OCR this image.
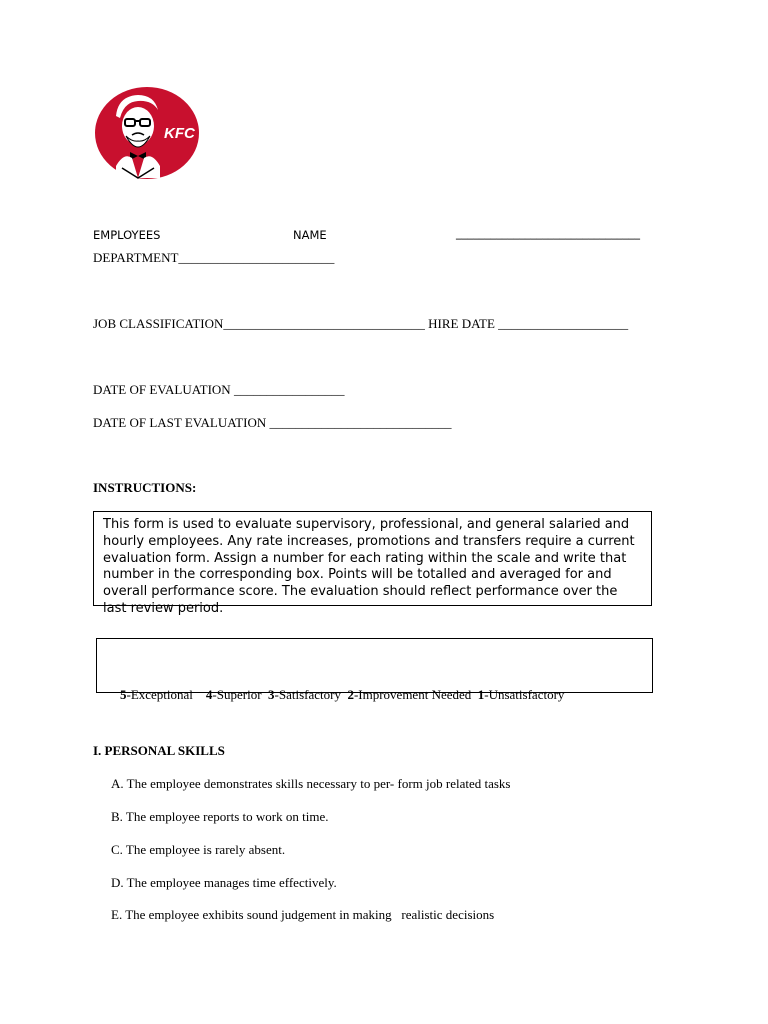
KFC
EMPLOYEES	NAME	________________________________
DEPARTMENT________________________
JOB CLASSIFICATION_______________________________ HIRE DATE ____________________
DATE OF EVALUATION _________________
DATE OF LAST EVALUATION ____________________________
INSTRUCTIONS:

This form is used to evaluate supervisory, professional, and general salaried and hourly employees. Any rate increases, promotions and transfers require a current evaluation form. Assign a number for each rating within the scale and write that number in the corresponding box. Points will be totalled and averaged for and overall performance score. The evaluation should reflect performance over the last review period.

5-Exceptional 4-Superior 3-Satisfactory 2-Improvement Needed 1-Unsatisfactory

I. PERSONAL SKILLS
A. The employee demonstrates skills necessary to per- form job related tasks
B. The employee reports to work on time.
C. The employee is rarely absent.
D. The employee manages time effectively.
E. The employee exhibits sound judgement in making   realistic decisions
